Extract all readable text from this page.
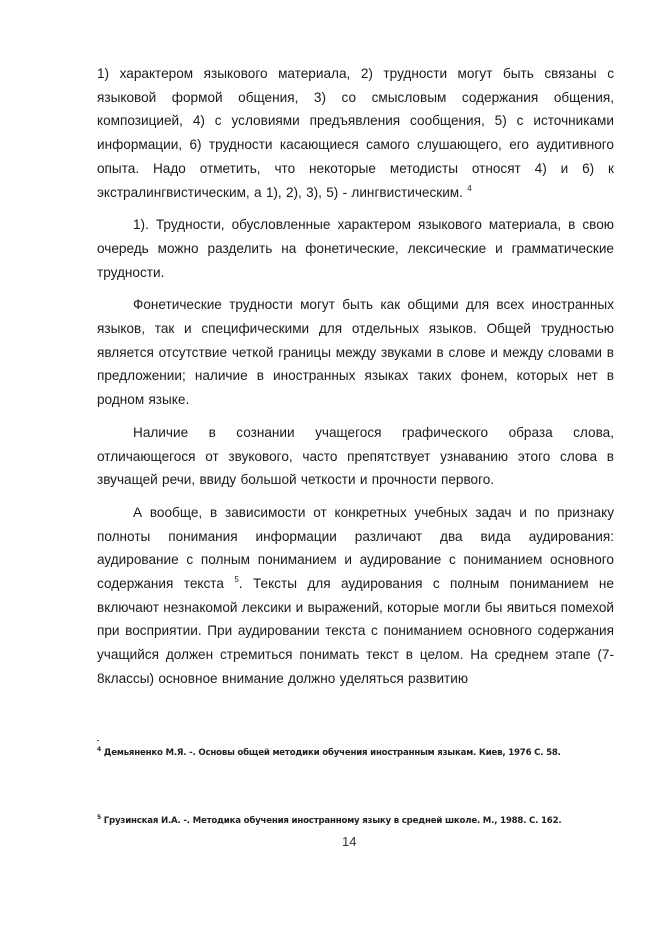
1) характером языкового материала, 2) трудности могут быть связаны с языковой формой общения, 3) со смысловым содержания общения, композицией, 4) с условиями предъявления сообщения, 5) с источниками информации, 6) трудности касающиеся самого слушающего, его аудитивного опыта. Надо отметить, что некоторые методисты относят 4) и 6) к экстралингвистическим, а 1), 2), 3), 5) - лингвистическим. $^4$

1). Трудности, обусловленные характером языкового материала, в свою очередь можно разделить на фонетические, лексические и грамматические трудности.

Фонетические трудности могут быть как общими для всех иностранных языков, так и специфическими для отдельных языков. Общей трудностью является отсутствие четкой границы между звуками в слове и между словами в предложении; наличие в иностранных языках таких фонем, которых нет в родном языке.

Наличие в сознании учащегося графического образа слова, отличающегося от звукового, часто препятствует узнаванию этого слова в звучащей речи, ввиду большой четкости и прочности первого.

А вообще, в зависимости от конкретных учебных задач и по признаку полноты понимания информации различают два вида аудирования: аудирование с полным пониманием и аудирование с пониманием основного содержания текста $^5$. Тексты для аудирования с полным пониманием не включают незнакомой лексики и выражений, которые могли бы явиться помехой при восприятии. При аудировании текста с пониманием основного содержания учащийся должен стремиться понимать текст в целом. На среднем этапе (7-8классы) основное внимание должно уделяться развитию

$^4$ Демьяненко М.Я. -. Основы общей методики обучения иностранным языкам. Киев, 1976 С. 58.
$^5$ Грузинская И.А. -. Методика обучения иностранному языку в средней школе. М., 1988. С. 162.
14
